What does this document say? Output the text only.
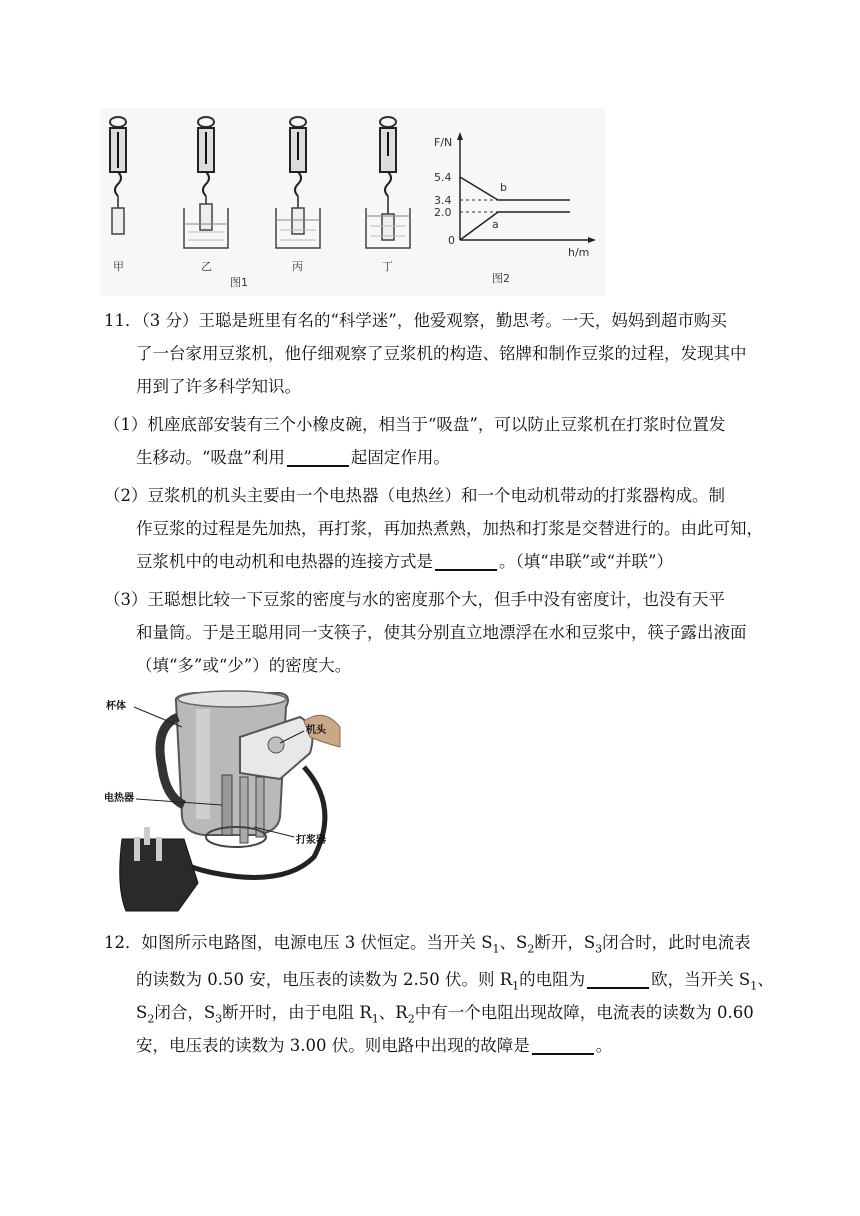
甲	乙	丙	丁
图1
F/N
h/m
0
5.4
3.4
2.0
b
a
图2
11．（3 分）王聪是班里有名的“科学迷”，他爱观察，勤思考。一天，妈妈到超市购买
了一台家用豆浆机，他仔细观察了豆浆机的构造、铭牌和制作豆浆的过程，发现其中
用到了许多科学知识。
（1）机座底部安装有三个小橡皮碗，相当于“吸盘”，可以防止豆浆机在打浆时位置发
生移动。“吸盘”利用	起固定作用。
（2）豆浆机的机头主要由一个电热器（电热丝）和一个电动机带动的打浆器构成。制
作豆浆的过程是先加热，再打浆，再加热煮熟，加热和打浆是交替进行的。由此可知，
豆浆机中的电动机和电热器的连接方式是	。（填“串联”或“并联”）
（3）王聪想比较一下豆浆的密度与水的密度那个大，但手中没有密度计，也没有天平
和量筒。于是王聪用同一支筷子，使其分别直立地漂浮在水和豆浆中，筷子露出液面
（填“多”或“少”）的密度大。
杯体
机头
电热器
打浆器
12．如图所示电路图，电源电压 3 伏恒定。当开关 $S_1$、$S_2$断开，$S_3$闭合时，此时电流表
的读数为 0.50 安，电压表的读数为 2.50 伏。则 $R_1$的电阻为	欧，当开关 $S_1$、
$S_2$闭合，$S_3$断开时，由于电阻 $R_1$、$R_2$中有一个电阻出现故障，电流表的读数为 0.60
安，电压表的读数为 3.00 伏。则电路中出现的故障是	。
